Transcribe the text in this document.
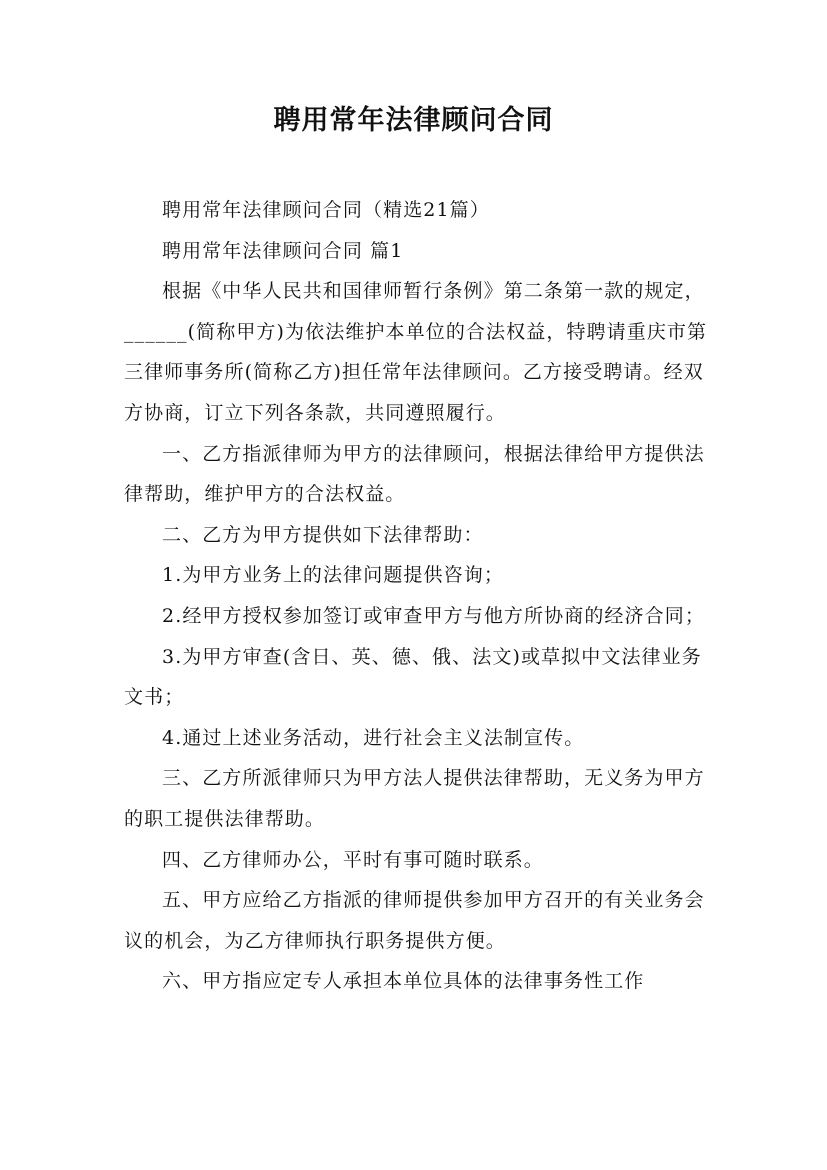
聘用常年法律顾问合同

聘用常年法律顾问合同（精选21篇）

聘用常年法律顾问合同 篇1

根据《中华人民共和国律师暂行条例》第二条第一款的规定，______(简称甲方)为依法维护本单位的合法权益，特聘请重庆市第三律师事务所(简称乙方)担任常年法律顾问。乙方接受聘请。经双方协商，订立下列各条款，共同遵照履行。

一、乙方指派律师为甲方的法律顾问，根据法律给甲方提供法律帮助，维护甲方的合法权益。

二、乙方为甲方提供如下法律帮助：

1.为甲方业务上的法律问题提供咨询；

2.经甲方授权参加签订或审查甲方与他方所协商的经济合同；

3.为甲方审查(含日、英、德、俄、法文)或草拟中文法律业务文书；

4.通过上述业务活动，进行社会主义法制宣传。

三、乙方所派律师只为甲方法人提供法律帮助，无义务为甲方的职工提供法律帮助。

四、乙方律师办公，平时有事可随时联系。

五、甲方应给乙方指派的律师提供参加甲方召开的有关业务会议的机会，为乙方律师执行职务提供方便。

六、甲方指应定专人承担本单位具体的法律事务性工作
